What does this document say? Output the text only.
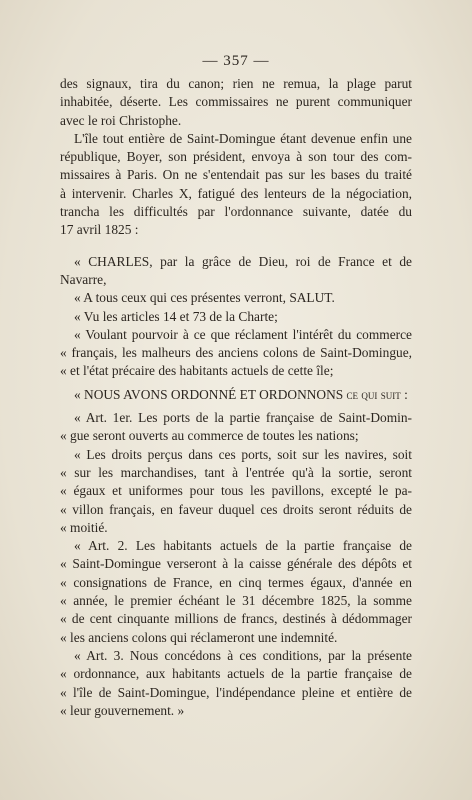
— 357 —
des signaux, tira du canon; rien ne remua, la plage parut
inhabitée, déserte. Les commissaires ne purent communiquer
avec le roi Christophe.
L'île tout entière de Saint-Domingue étant devenue enfin une
république, Boyer, son président, envoya à son tour des com-
missaires à Paris. On ne s'entendait pas sur les bases du traité
à intervenir. Charles X, fatigué des lenteurs de la négociation,
trancha les difficultés par l'ordonnance suivante, datée du
17 avril 1825 :
« CHARLES, par la grâce de Dieu, roi de France et de
Navarre,
« A tous ceux qui ces présentes verront, SALUT.
« Vu les articles 14 et 73 de la Charte;
« Voulant pourvoir à ce que réclament l'intérêt du commerce
« français, les malheurs des anciens colons de Saint-Domingue,
« et l'état précaire des habitants actuels de cette île;
« NOUS AVONS ORDONNÉ ET ORDONNONS ce qui suit :
« Art. 1er. Les ports de la partie française de Saint-Domin-
« gue seront ouverts au commerce de toutes les nations;
« Les droits perçus dans ces ports, soit sur les navires, soit
« sur les marchandises, tant à l'entrée qu'à la sortie, seront
« égaux et uniformes pour tous les pavillons, excepté le pa-
« villon français, en faveur duquel ces droits seront réduits de
« moitié.
« Art. 2. Les habitants actuels de la partie française de
« Saint-Domingue verseront à la caisse générale des dépôts et
« consignations de France, en cinq termes égaux, d'année en
« année, le premier échéant le 31 décembre 1825, la somme
« de cent cinquante millions de francs, destinés à dédommager
« les anciens colons qui réclameront une indemnité.
« Art. 3. Nous concédons à ces conditions, par la présente
« ordonnance, aux habitants actuels de la partie française de
« l'île de Saint-Domingue, l'indépendance pleine et entière de
« leur gouvernement. »
